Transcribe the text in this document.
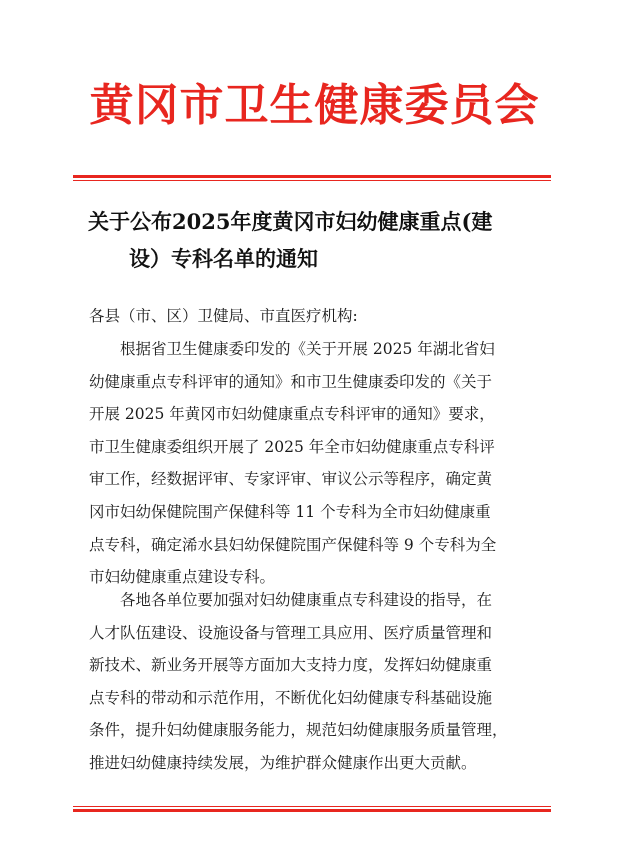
黄冈市卫生健康委员会
关于公布2025年度黄冈市妇幼健康重点(建
设）专科名单的通知
各县（市、区）卫健局、市直医疗机构:
根据省卫生健康委印发的《关于开展 2025 年湖北省妇
幼健康重点专科评审的通知》和市卫生健康委印发的《关于
开展 2025 年黄冈市妇幼健康重点专科评审的通知》要求，
市卫生健康委组织开展了 2025 年全市妇幼健康重点专科评
审工作，经数据评审、专家评审、审议公示等程序，确定黄
冈市妇幼保健院围产保健科等 11 个专科为全市妇幼健康重
点专科，确定浠水县妇幼保健院围产保健科等 9 个专科为全
市妇幼健康重点建设专科。
各地各单位要加强对妇幼健康重点专科建设的指导，在
人才队伍建设、设施设备与管理工具应用、医疗质量管理和
新技术、新业务开展等方面加大支持力度，发挥妇幼健康重
点专科的带动和示范作用，不断优化妇幼健康专科基础设施
条件，提升妇幼健康服务能力，规范妇幼健康服务质量管理，
推进妇幼健康持续发展，为维护群众健康作出更大贡献。
